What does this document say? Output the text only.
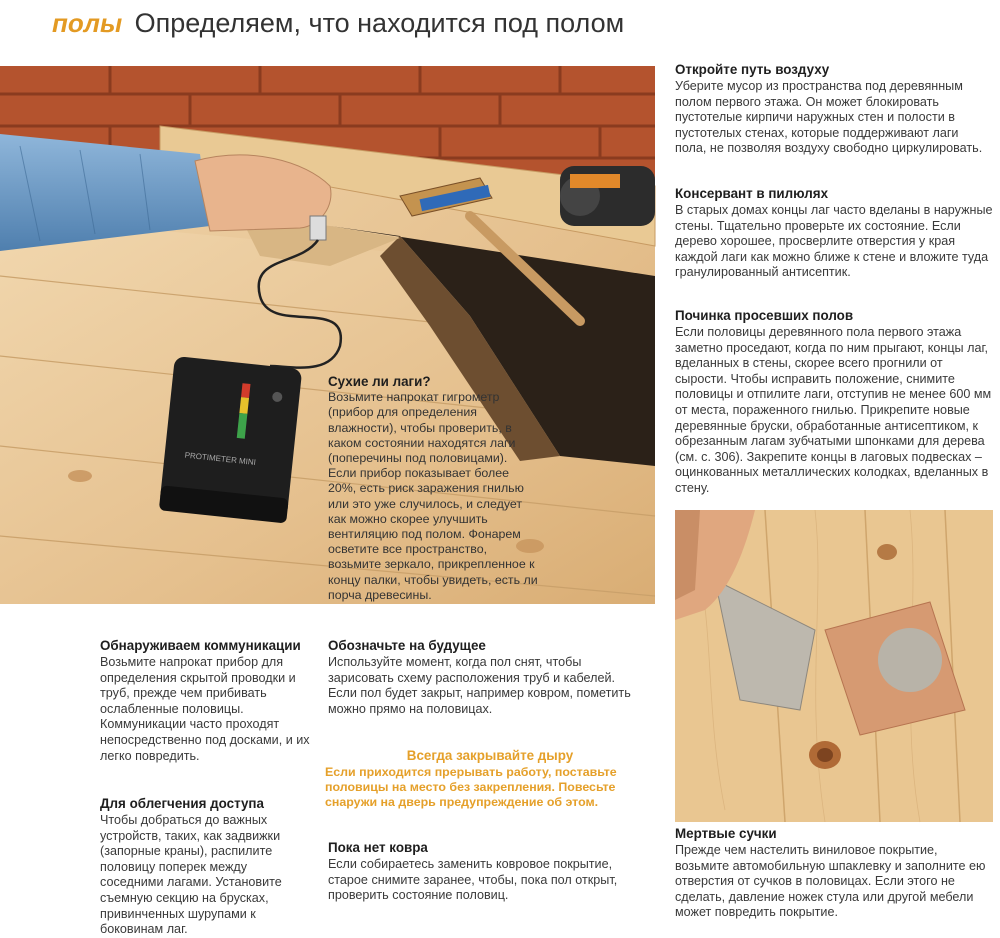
полы Определяем, что находится под полом
PROTIMETER MINI
Сухие ли лаги?

Возьмите напрокат гигрометр (прибор для определения влажности), чтобы проверить, в каком состоянии находятся лаги (поперечины под половицами). Если прибор показывает более 20%, есть риск заражения гнилью или это уже случилось, и следует как можно скорее улучшить вентиляцию под полом. Фонарем осветите все пространство, возьмите зеркало, прикрепленное к концу палки, чтобы увидеть, есть ли порча древесины.

Откройте путь воздуху

Уберите мусор из пространства под деревянным полом первого этажа. Он может блокировать пустотелые кирпичи наружных стен и полости в пустотелых стенах, которые поддерживают лаги пола, не позволяя воздуху свободно циркулировать.

Консервант в пилюлях

В старых домах концы лаг часто вделаны в наружные стены. Тщательно проверьте их состояние. Если дерево хорошее, просверлите отверстия у края каждой лаги как можно ближе к стене и вложите туда гранулированный антисептик.

Починка просевших полов

Если половицы деревянного пола первого этажа заметно проседают, когда по ним прыгают, концы лаг, вделанных в стены, скорее всего прогнили от сырости. Чтобы исправить положение, снимите половицы и отпилите лаги, отступив не менее 600 мм от места, пораженного гнилью. Прикрепите новые деревянные бруски, обработанные антисептиком, к обрезанным лагам зубчатыми шпонками для дерева (см. с. 306). Закрепите концы в лаговых подвесках – оцинкованных металлических колодках, вделанных в стену.

Мертвые сучки

Прежде чем настелить виниловое покрытие, возьмите автомобильную шпаклевку и заполните ею отверстия от сучков в половицах. Если этого не сделать, давление ножек стула или другой мебели может повредить покрытие.

Обнаруживаем коммуникации

Возьмите напрокат прибор для определения скрытой проводки и труб, прежде чем прибивать ослабленные половицы. Коммуникации часто проходят непосредственно под досками, и их легко повредить.

Для облегчения доступа

Чтобы добраться до важных устройств, таких, как задвижки (запорные краны), распилите половицу поперек между соседними лагами. Установите съемную секцию на брусках, привинченных шурупами к боковинам лаг.

Обозначьте на будущее

Используйте момент, когда пол снят, чтобы зарисовать схему расположения труб и кабелей. Если пол будет закрыт, например ковром, пометить можно прямо на половицах.

Всегда закрывайте дыру

Если приходится прерывать работу, поставьте половицы на место без закрепления. Повесьте снаружи на дверь предупреждение об этом.

Пока нет ковра

Если собираетесь заменить ковровое покрытие, старое снимите заранее, чтобы, пока пол открыт, проверить состояние половиц.
